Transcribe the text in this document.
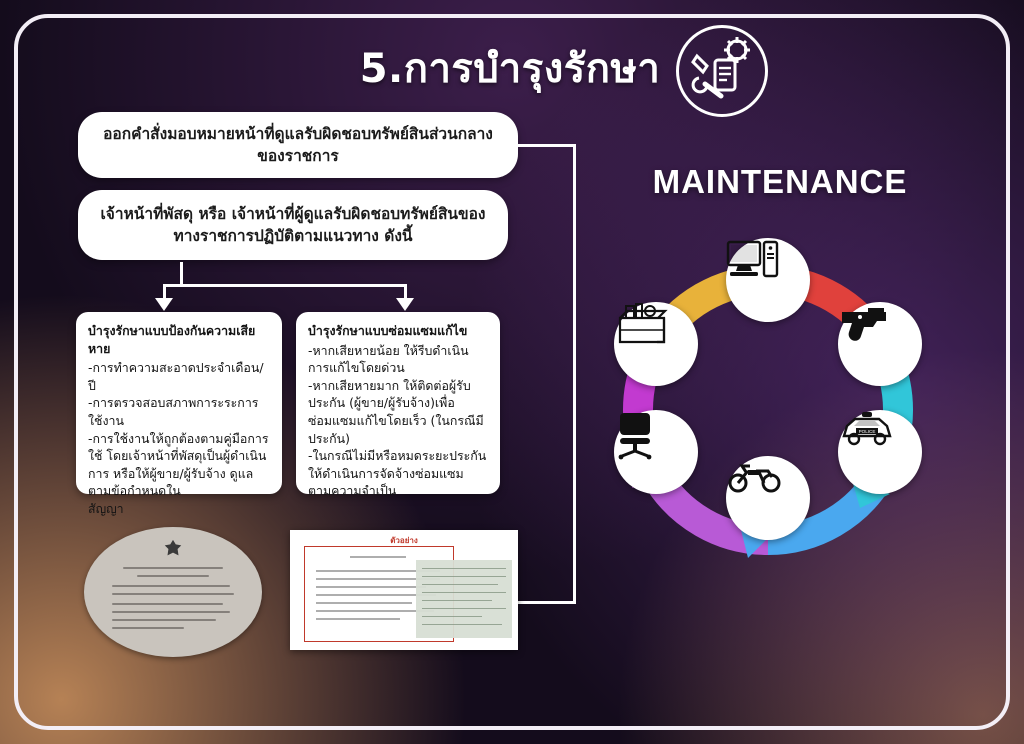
5.การบำรุงรักษา
ออกคำสั่งมอบหมายหน้าที่ดูแลรับผิดชอบทรัพย์สินส่วนกลางของราชการ
เจ้าหน้าที่พัสดุ หรือ เจ้าหน้าที่ผู้ดูแลรับผิดชอบทรัพย์สินของทางราชการปฏิบัติตามแนวทาง ดังนี้
บำรุงรักษาแบบป้องกันความเสียหาย
-การทำความสะอาดประจำเดือน/ปี
-การตรวจสอบสภาพการะระการใช้งาน
-การใช้งานให้ถูกต้องตามคู่มือการใช้ โดยเจ้าหน้าที่พัสดุเป็นผู้ดำเนินการ หรือให้ผู้ขาย/ผู้รับจ้าง ดูแลตามข้อกำหนดใน
สัญญา
บำรุงรักษาแบบซ่อมแซมแก้ไข
-หากเสียหายน้อย ให้รีบดำเนินการแก้ไขโดยด่วน
-หากเสียหายมาก ให้ติดต่อผู้รับประกัน (ผู้ขาย/ผู้รับจ้าง)เพื่อซ่อมแซมแก้ไขโดยเร็ว (ในกรณีมีประกัน)
-ในกรณีไม่มีหรือหมดระยะประกัน ให้ดำเนินการจัดจ้างซ่อมแซม ตามความจำเป็น
ตัวอย่าง
MAINTENANCE
POLICE
